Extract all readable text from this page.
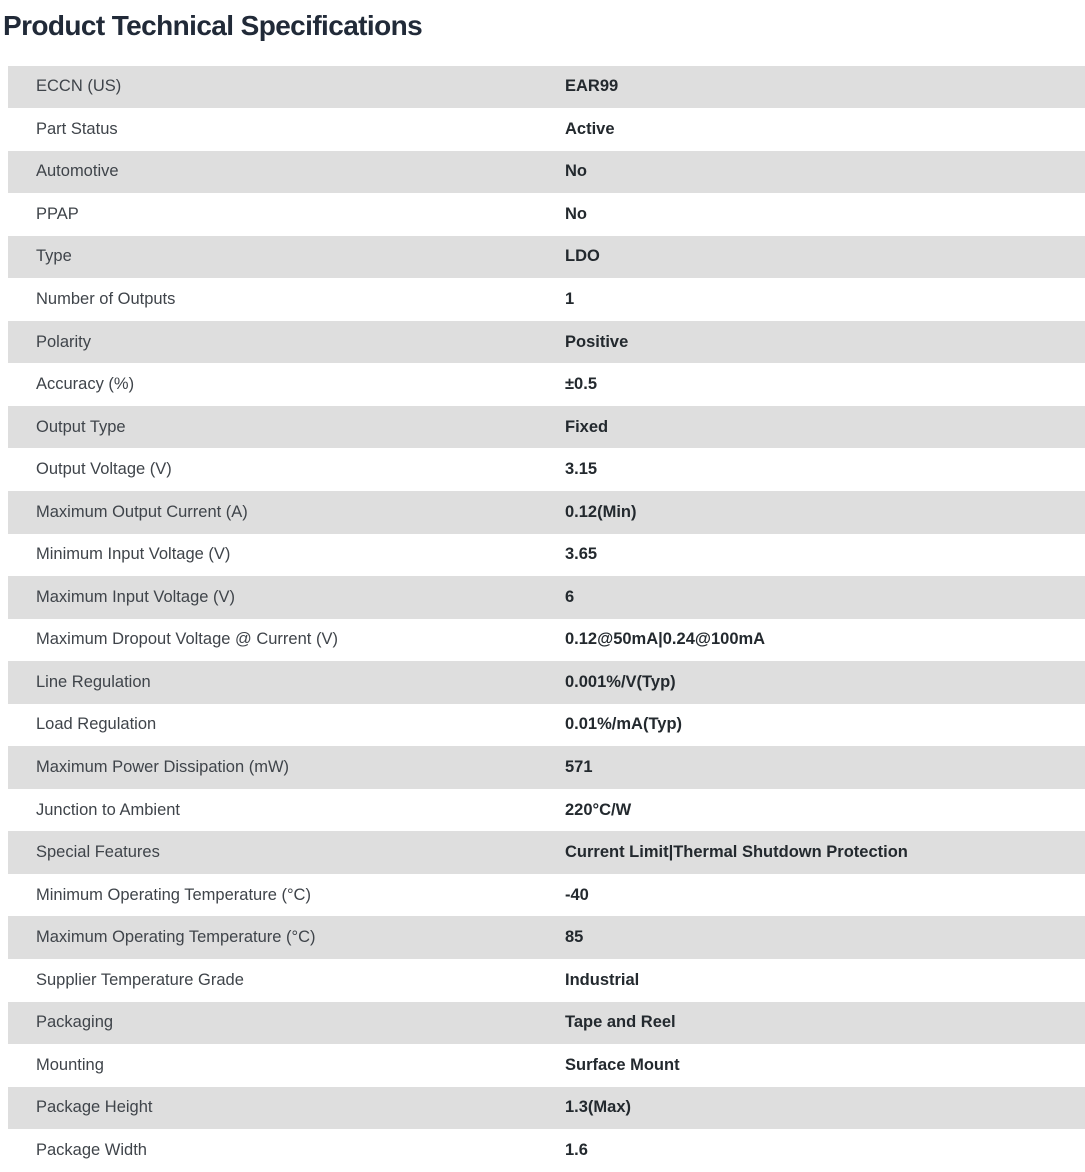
Product Technical Specifications
ECCN (US)	EAR99
Part Status	Active
Automotive	No
PPAP	No
Type	LDO
Number of Outputs	1
Polarity	Positive
Accuracy (%)	±0.5
Output Type	Fixed
Output Voltage (V)	3.15
Maximum Output Current (A)	0.12(Min)
Minimum Input Voltage (V)	3.65
Maximum Input Voltage (V)	6
Maximum Dropout Voltage @ Current (V)	0.12@50mA|0.24@100mA
Line Regulation	0.001%/V(Typ)
Load Regulation	0.01%/mA(Typ)
Maximum Power Dissipation (mW)	571
Junction to Ambient	220°C/W
Special Features	Current Limit|Thermal Shutdown Protection
Minimum Operating Temperature (°C)	-40
Maximum Operating Temperature (°C)	85
Supplier Temperature Grade	Industrial
Packaging	Tape and Reel
Mounting	Surface Mount
Package Height	1.3(Max)
Package Width	1.6
